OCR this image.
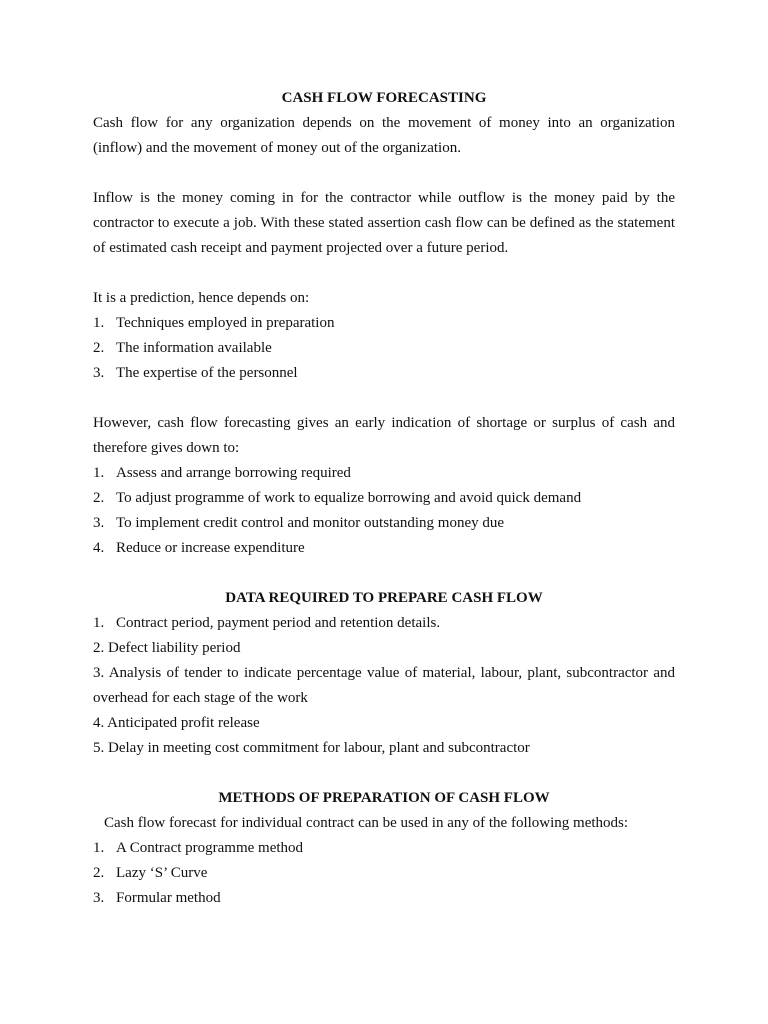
CASH FLOW FORECASTING

Cash flow for any organization depends on the movement of money into an organization (inflow) and the movement of money out of the organization.

Inflow is the money coming in for the contractor while outflow is the money paid by the contractor to execute a job. With these stated assertion cash flow can be defined as the statement of estimated cash receipt and payment projected over a future period.

It is a prediction, hence depends on:

1. Techniques employed in preparation
2. The information available
3. The expertise of the personnel

However, cash flow forecasting gives an early indication of shortage or surplus of cash and therefore gives down to:

1. Assess and arrange borrowing required
2. To adjust programme of work to equalize borrowing and avoid quick demand
3. To implement credit control and monitor outstanding money due
4. Reduce or increase expenditure
DATA REQUIRED TO PREPARE CASH FLOW
1. Contract period, payment period and retention details.
2. Defect liability period
3. Analysis of tender to indicate percentage value of material, labour, plant, subcontractor and overhead for each stage of the work
4. Anticipated profit release
5. Delay in meeting cost commitment for labour, plant and subcontractor
METHODS OF PREPARATION OF CASH FLOW

Cash flow forecast for individual contract can be used in any of the following methods:

1. A Contract programme method
2. Lazy ‘S’ Curve
3. Formular method
